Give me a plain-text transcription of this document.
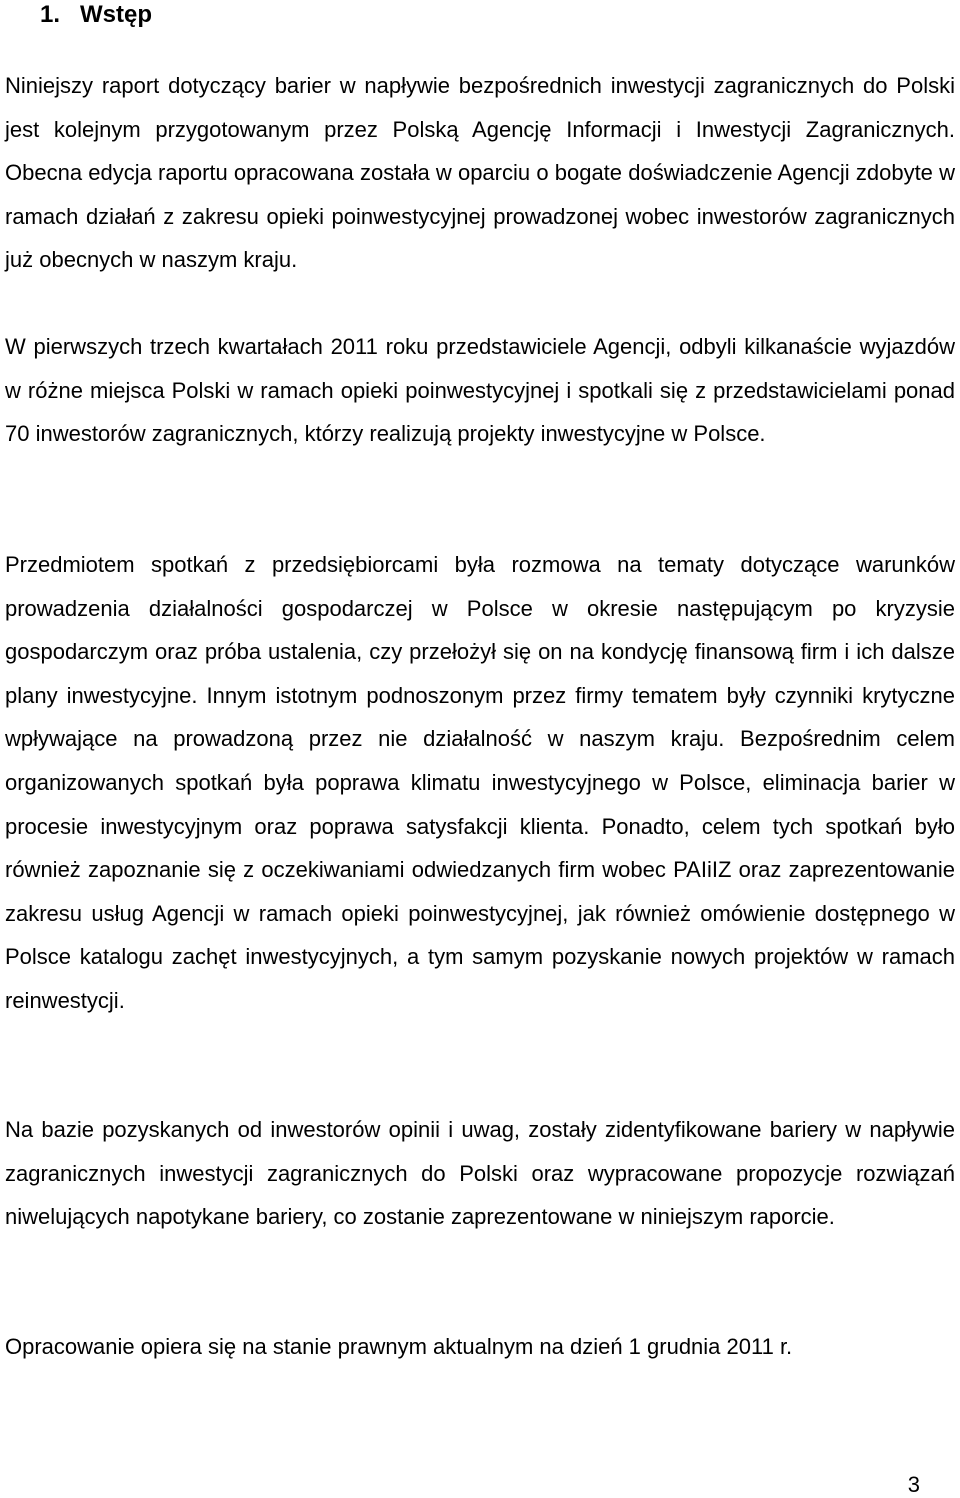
1. Wstęp

Niniejszy raport dotyczący barier w napływie bezpośrednich inwestycji zagranicznych do Polski jest kolejnym przygotowanym przez Polską Agencję Informacji i Inwestycji Zagranicznych. Obecna edycja raportu opracowana została w oparciu o bogate doświadczenie Agencji zdobyte w ramach działań z zakresu opieki poinwestycyjnej prowadzonej wobec inwestorów zagranicznych już obecnych w naszym kraju.

W pierwszych trzech kwartałach 2011 roku przedstawiciele Agencji, odbyli kilkanaście wyjazdów w różne miejsca Polski w ramach opieki poinwestycyjnej i spotkali się z przedstawicielami ponad 70 inwestorów zagranicznych, którzy realizują projekty inwestycyjne w Polsce.

Przedmiotem spotkań z przedsiębiorcami była rozmowa na tematy dotyczące warunków prowadzenia działalności gospodarczej w Polsce w okresie następującym po kryzysie gospodarczym oraz próba ustalenia, czy przełożył się on na kondycję finansową firm i ich dalsze plany inwestycyjne. Innym istotnym podnoszonym przez firmy tematem były czynniki krytyczne wpływające na prowadzoną przez nie działalność w naszym kraju. Bezpośrednim celem organizowanych spotkań była poprawa klimatu inwestycyjnego w Polsce, eliminacja barier w procesie inwestycyjnym oraz poprawa satysfakcji klienta. Ponadto, celem tych spotkań było również zapoznanie się z oczekiwaniami odwiedzanych firm wobec PAIiIZ oraz zaprezentowanie zakresu usług Agencji w ramach opieki poinwestycyjnej, jak również omówienie dostępnego w Polsce katalogu zachęt inwestycyjnych, a tym samym pozyskanie nowych projektów w ramach reinwestycji.

Na bazie pozyskanych od inwestorów opinii i uwag, zostały zidentyfikowane bariery w napływie zagranicznych inwestycji zagranicznych do Polski oraz wypracowane propozycje rozwiązań niwelujących napotykane bariery, co zostanie zaprezentowane w niniejszym raporcie.

Opracowanie opiera się na stanie prawnym aktualnym na dzień 1 grudnia 2011 r.

3
